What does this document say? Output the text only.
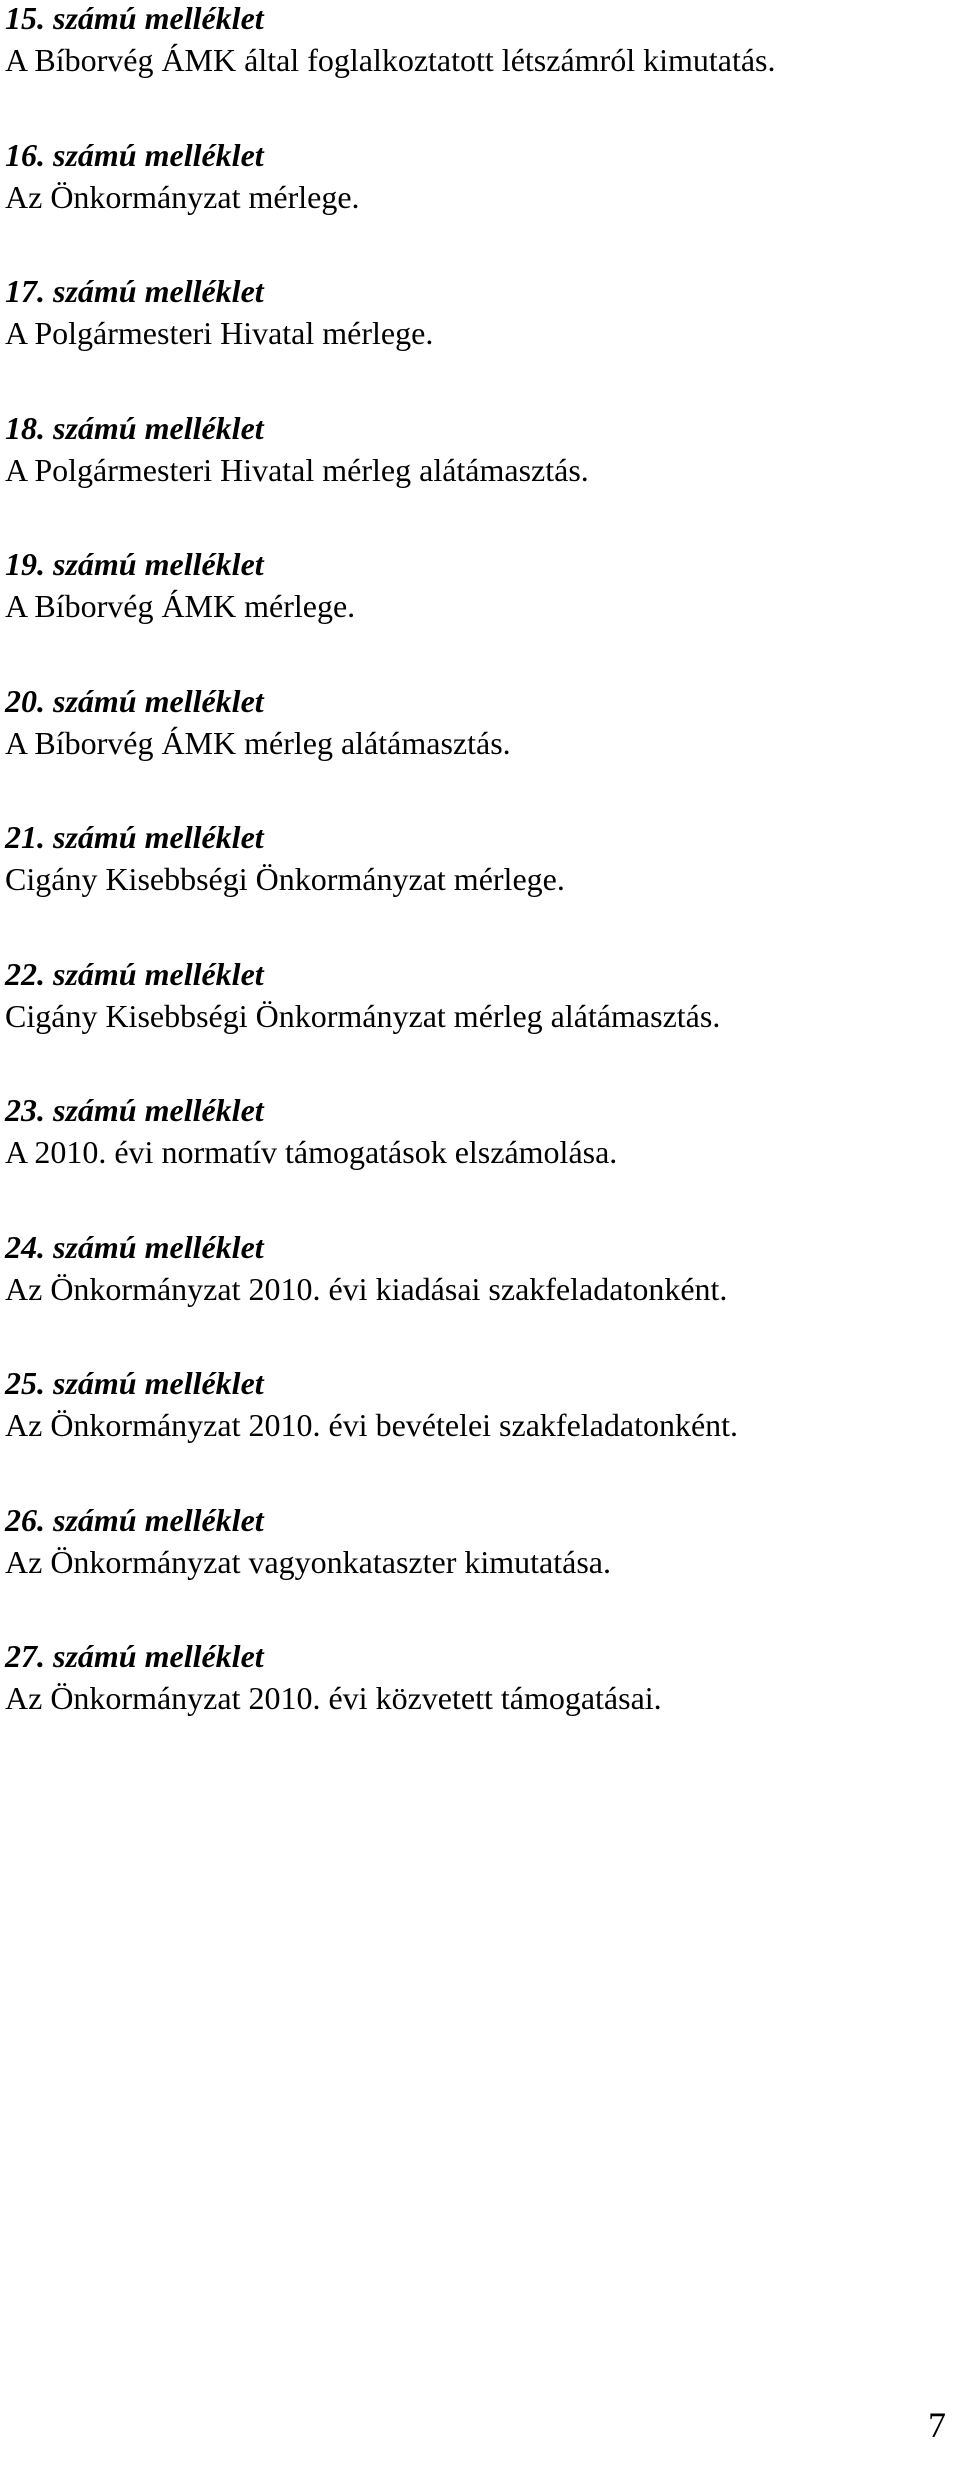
15. számú melléklet
A Bíborvég ÁMK által foglalkoztatott létszámról kimutatás.
16. számú melléklet
Az Önkormányzat mérlege.
17. számú melléklet
A Polgármesteri Hivatal mérlege.
18. számú melléklet
A Polgármesteri Hivatal mérleg alátámasztás.
19. számú melléklet
A Bíborvég ÁMK mérlege.
20. számú melléklet
A Bíborvég ÁMK mérleg alátámasztás.
21. számú melléklet
Cigány Kisebbségi Önkormányzat mérlege.
22. számú melléklet
Cigány Kisebbségi Önkormányzat mérleg alátámasztás.
23. számú melléklet
A 2010. évi normatív támogatások elszámolása.
24. számú melléklet
Az Önkormányzat 2010. évi kiadásai szakfeladatonként.
25. számú melléklet
Az Önkormányzat 2010. évi bevételei szakfeladatonként.
26. számú melléklet
Az Önkormányzat vagyonkataszter kimutatása.
27. számú melléklet
Az Önkormányzat 2010. évi közvetett támogatásai.
7
